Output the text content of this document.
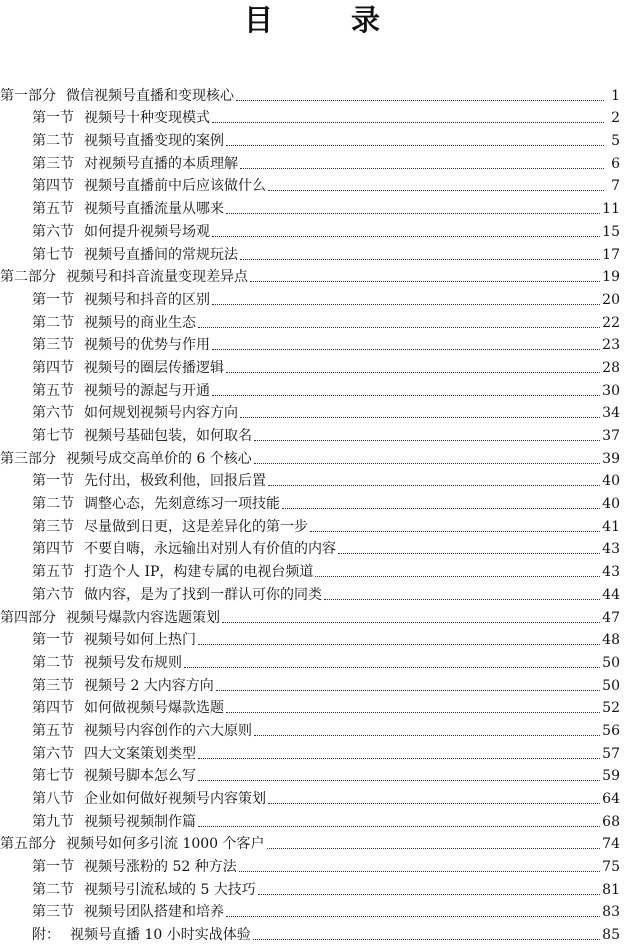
目 录
第一部分 微信视频号直播和变现核心	1
第一节 视频号十种变现模式	2
第二节 视频号直播变现的案例	5
第三节 对视频号直播的本质理解	6
第四节 视频号直播前中后应该做什么	7
第五节 视频号直播流量从哪来	11
第六节 如何提升视频号场观	15
第七节 视频号直播间的常规玩法	17
第二部分 视频号和抖音流量变现差异点	19
第一节 视频号和抖音的区别	20
第二节 视频号的商业生态	22
第三节 视频号的优势与作用	23
第四节 视频号的圈层传播逻辑	28
第五节 视频号的源起与开通	30
第六节 如何规划视频号内容方向	34
第七节 视频号基础包装，如何取名	37
第三部分 视频号成交高单价的 6 个核心	39
第一节 先付出，极致利他，回报后置	40
第二节 调整心态，先刻意练习一项技能	40
第三节 尽量做到日更，这是差异化的第一步	41
第四节 不要自嗨，永远输出对别人有价值的内容	43
第五节 打造个人 IP，构建专属的电视台频道	43
第六节 做内容，是为了找到一群认可你的同类	44
第四部分 视频号爆款内容选题策划	47
第一节 视频号如何上热门	48
第二节 视频号发布规则	50
第三节 视频号 2 大内容方向	50
第四节 如何做视频号爆款选题	52
第五节 视频号内容创作的六大原则	56
第六节 四大文案策划类型	57
第七节 视频号脚本怎么写	59
第八节 企业如何做好视频号内容策划	64
第九节 视频号视频制作篇	68
第五部分 视频号如何多引流 1000 个客户	74
第一节 视频号涨粉的 52 种方法	75
第二节 视频号引流私域的 5 大技巧	81
第三节 视频号团队搭建和培养	83
附： 视频号直播 10 小时实战体验	85
